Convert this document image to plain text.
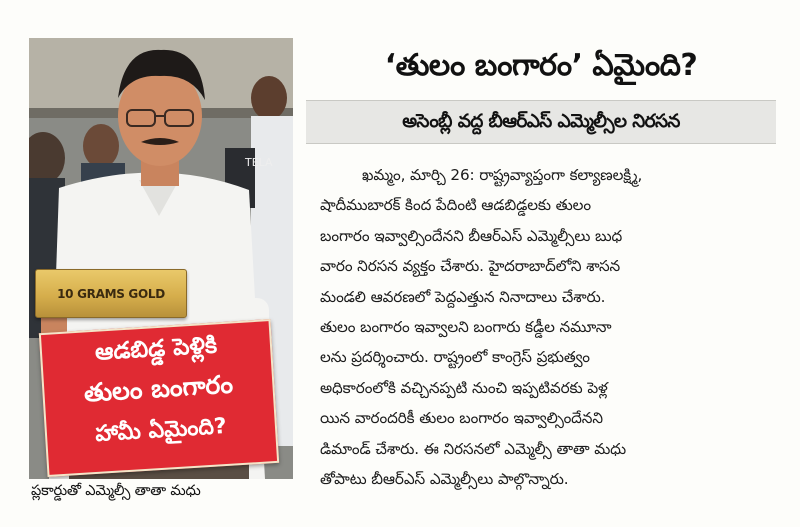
TELA
10 GRAMS GOLD
ఆడబిడ్డ పెళ్లికి
తులం బంగారం
హామీ ఏమైంది?
ప్లకార్డుతో ఎమ్మెల్సీ తాతా మధు
‘తులం బంగారం’ ఏమైంది?
అసెంబ్లీ వద్ద బీఆర్‌ఎస్ ఎమ్మెల్సీల నిరసన
ఖమ్మం, మార్చి 26: రాష్ట్రవ్యాప్తంగా కల్యాణలక్ష్మి,
షాదీముబారక్ కింద పేదింటి ఆడబిడ్డలకు తులం
బంగారం ఇవ్వాల్సిందేనని బీఆర్‌ఎస్ ఎమ్మెల్సీలు బుధ
వారం నిరసన వ్యక్తం చేశారు. హైదరాబాద్‌లోని శాసన
మండలి ఆవరణలో పెద్దఎత్తున నినాదాలు చేశారు.
తులం బంగారం ఇవ్వాలని బంగారు కడ్డీల నమూనా
లను ప్రదర్శించారు. రాష్ట్రంలో కాంగ్రెస్ ప్రభుత్వం
అధికారంలోకి వచ్చినప్పటి నుంచి ఇప్పటివరకు పెళ్ల
యిన వారందరికీ తులం బంగారం ఇవ్వాల్సిందేనని
డిమాండ్ చేశారు. ఈ నిరసనలో ఎమ్మెల్సీ తాతా మధు
తోపాటు బీఆర్‌ఎస్ ఎమ్మెల్సీలు పాల్గొన్నారు.
